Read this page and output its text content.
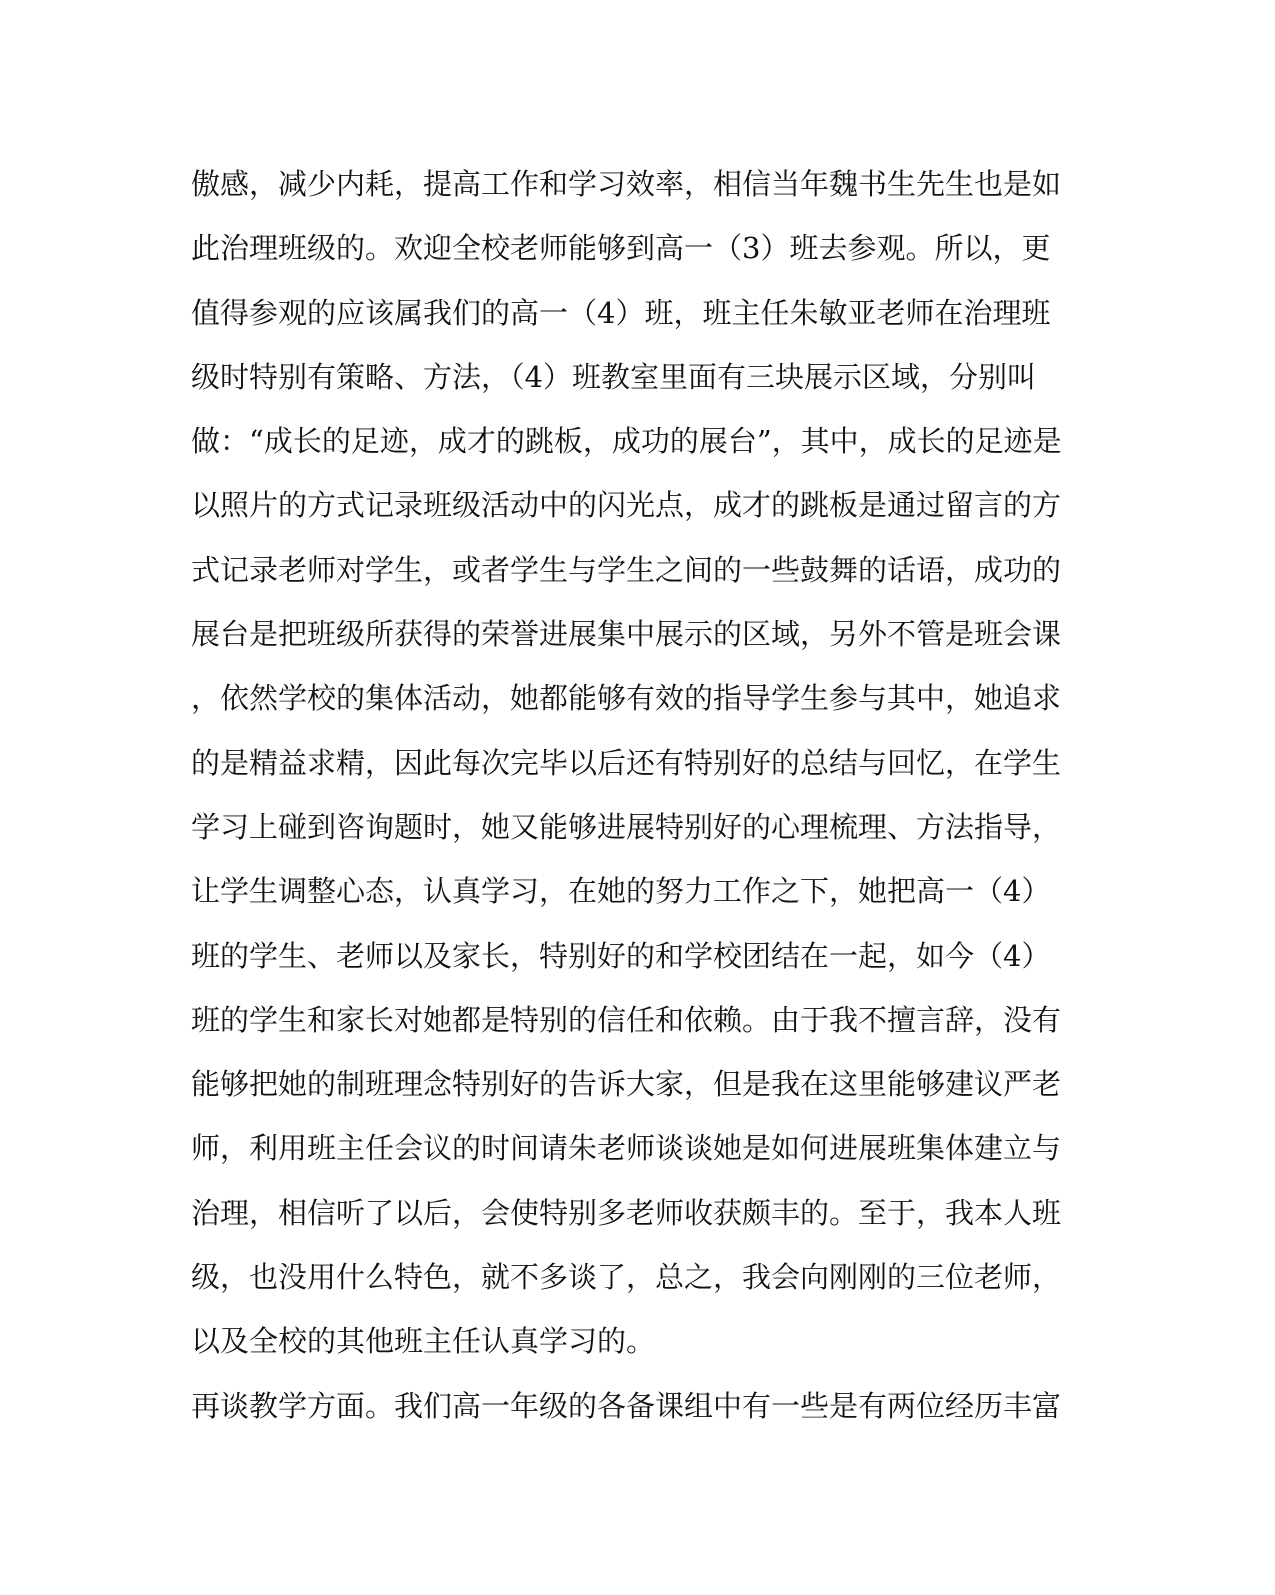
傲感，减少内耗，提高工作和学习效率，相信当年魏书生先生也是如
此治理班级的。欢迎全校老师能够到高一（3）班去参观。所以，更
值得参观的应该属我们的高一（4）班，班主任朱敏亚老师在治理班
级时特别有策略、方法，（4）班教室里面有三块展示区域，分别叫
做：“成长的足迹，成才的跳板，成功的展台”，其中，成长的足迹是
以照片的方式记录班级活动中的闪光点，成才的跳板是通过留言的方
式记录老师对学生，或者学生与学生之间的一些鼓舞的话语，成功的
展台是把班级所获得的荣誉进展集中展示的区域，另外不管是班会课
，依然学校的集体活动，她都能够有效的指导学生参与其中，她追求
的是精益求精，因此每次完毕以后还有特别好的总结与回忆，在学生
学习上碰到咨询题时，她又能够进展特别好的心理梳理、方法指导，
让学生调整心态，认真学习，在她的努力工作之下，她把高一（4）
班的学生、老师以及家长，特别好的和学校团结在一起，如今（4）
班的学生和家长对她都是特别的信任和依赖。由于我不擅言辞，没有
能够把她的制班理念特别好的告诉大家，但是我在这里能够建议严老
师，利用班主任会议的时间请朱老师谈谈她是如何进展班集体建立与
治理，相信听了以后，会使特别多老师收获颇丰的。至于，我本人班
级，也没用什么特色，就不多谈了，总之，我会向刚刚的三位老师，
以及全校的其他班主任认真学习的。
再谈教学方面。我们高一年级的各备课组中有一些是有两位经历丰富
